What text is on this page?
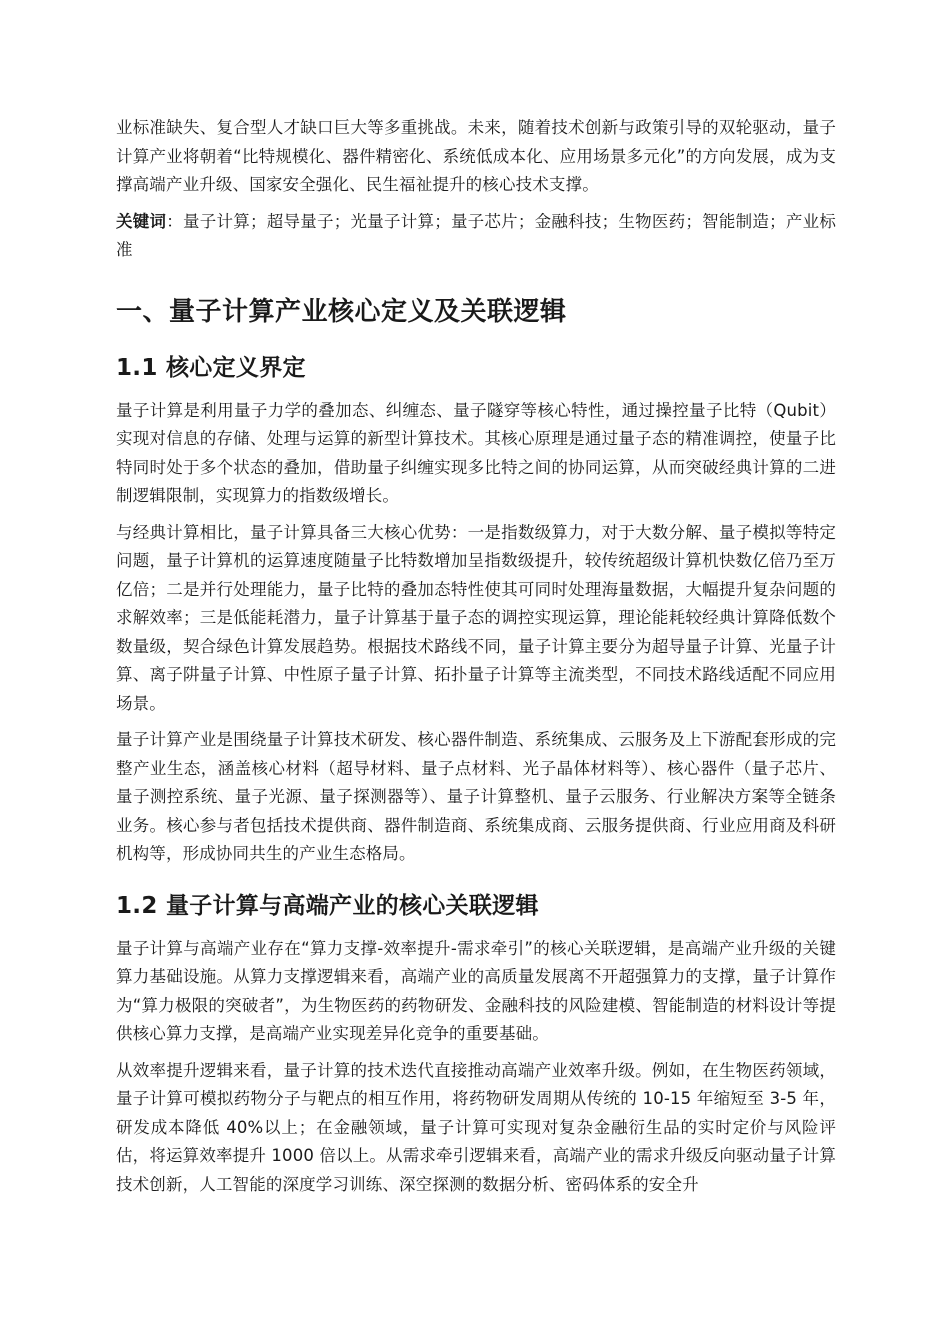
业标准缺失、复合型人才缺口巨大等多重挑战。未来，随着技术创新与政策引导的双轮驱动，量子计算产业将朝着“比特规模化、器件精密化、系统低成本化、应用场景多元化”的方向发展，成为支撑高端产业升级、国家安全强化、民生福祉提升的核心技术支撑。

关键词：量子计算；超导量子；光量子计算；量子芯片；金融科技；生物医药；智能制造；产业标准

一、量子计算产业核心定义及关联逻辑
1.1 核心定义界定

量子计算是利用量子力学的叠加态、纠缠态、量子隧穿等核心特性，通过操控量子比特（Qubit）实现对信息的存储、处理与运算的新型计算技术。其核心原理是通过量子态的精准调控，使量子比特同时处于多个状态的叠加，借助量子纠缠实现多比特之间的协同运算，从而突破经典计算的二进制逻辑限制，实现算力的指数级增长。

与经典计算相比，量子计算具备三大核心优势：一是指数级算力，对于大数分解、量子模拟等特定问题，量子计算机的运算速度随量子比特数增加呈指数级提升，较传统超级计算机快数亿倍乃至万亿倍；二是并行处理能力，量子比特的叠加态特性使其可同时处理海量数据，大幅提升复杂问题的求解效率；三是低能耗潜力，量子计算基于量子态的调控实现运算，理论能耗较经典计算降低数个数量级，契合绿色计算发展趋势。根据技术路线不同，量子计算主要分为超导量子计算、光量子计算、离子阱量子计算、中性原子量子计算、拓扑量子计算等主流类型，不同技术路线适配不同应用场景。

量子计算产业是围绕量子计算技术研发、核心器件制造、系统集成、云服务及上下游配套形成的完整产业生态，涵盖核心材料（超导材料、量子点材料、光子晶体材料等）、核心器件（量子芯片、量子测控系统、量子光源、量子探测器等）、量子计算整机、量子云服务、行业解决方案等全链条业务。核心参与者包括技术提供商、器件制造商、系统集成商、云服务提供商、行业应用商及科研机构等，形成协同共生的产业生态格局。

1.2 量子计算与高端产业的核心关联逻辑

量子计算与高端产业存在“算力支撑-效率提升-需求牵引”的核心关联逻辑，是高端产业升级的关键算力基础设施。从算力支撑逻辑来看，高端产业的高质量发展离不开超强算力的支撑，量子计算作为“算力极限的突破者”，为生物医药的药物研发、金融科技的风险建模、智能制造的材料设计等提供核心算力支撑，是高端产业实现差异化竞争的重要基础。

从效率提升逻辑来看，量子计算的技术迭代直接推动高端产业效率升级。例如，在生物医药领域，量子计算可模拟药物分子与靶点的相互作用，将药物研发周期从传统的 10-15 年缩短至 3-5 年，研发成本降低 40%以上；在金融领域，量子计算可实现对复杂金融衍生品的实时定价与风险评估，将运算效率提升 1000 倍以上。从需求牵引逻辑来看，高端产业的需求升级反向驱动量子计算技术创新，人工智能的深度学习训练、深空探测的数据分析、密码体系的安全升
